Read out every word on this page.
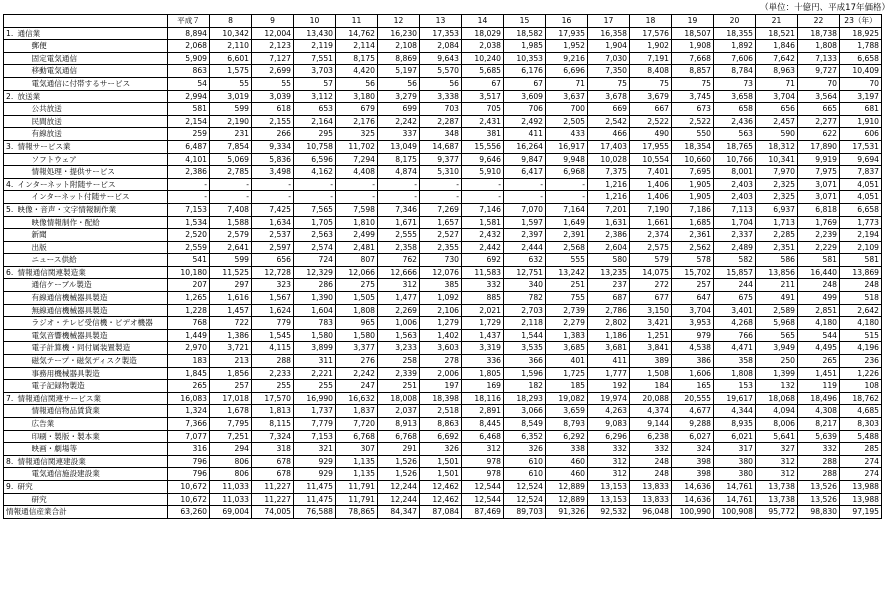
（単位：十億円、平成17年価格）
		平成７	8	9	10	11	12	13	14	15	16	17	18	19	20	21	22	23（年）
1.	通信業	8,894	10,342	12,004	13,430	14,762	16,230	17,353	18,029	18,582	17,935	16,358	17,576	18,507	18,355	18,521	18,738	18,925
	郵便	2,068	2,110	2,123	2,119	2,114	2,108	2,084	2,038	1,985	1,952	1,904	1,902	1,908	1,892	1,846	1,808	1,788
	固定電気通信	5,909	6,601	7,127	7,551	8,175	8,869	9,643	10,240	10,353	9,216	7,030	7,191	7,668	7,606	7,642	7,133	6,658
	移動電気通信	863	1,575	2,699	3,703	4,420	5,197	5,570	5,685	6,176	6,696	7,350	8,408	8,857	8,784	8,963	9,727	10,409
	電気通信に付帯するサービス	54	55	55	57	56	56	56	67	67	71	75	75	75	73	71	70	70
2.	放送業	2,994	3,019	3,039	3,112	3,180	3,279	3,338	3,517	3,609	3,637	3,678	3,679	3,745	3,658	3,704	3,564	3,197
	公共放送	581	599	618	653	679	699	703	705	706	700	669	667	673	658	656	665	681
	民間放送	2,154	2,190	2,155	2,164	2,176	2,242	2,287	2,431	2,492	2,505	2,542	2,522	2,522	2,436	2,457	2,277	1,910
	有線放送	259	231	266	295	325	337	348	381	411	433	466	490	550	563	590	622	606
3.	情報サービス業	6,487	7,854	9,334	10,758	11,702	13,049	14,687	15,556	16,264	16,917	17,403	17,955	18,354	18,765	18,312	17,890	17,531
	ソフトウェア	4,101	5,069	5,836	6,596	7,294	8,175	9,377	9,646	9,847	9,948	10,028	10,554	10,660	10,766	10,341	9,919	9,694
	情報処理・提供サービス	2,386	2,785	3,498	4,162	4,408	4,874	5,310	5,910	6,417	6,968	7,375	7,401	7,695	8,001	7,970	7,975	7,837
4.	インターネット附随サービス	-	-	-	-	-	-	-	-	-	-	1,216	1,406	1,905	2,403	2,325	3,071	4,051
	インターネット付随サービス	-	-	-	-	-	-	-	-	-	-	1,216	1,406	1,905	2,403	2,325	3,071	4,051
5.	映像・音声・文字情報制作業	7,153	7,408	7,425	7,565	7,598	7,346	7,269	7,146	7,070	7,164	7,201	7,190	7,186	7,113	6,937	6,818	6,658
	映像情報制作・配給	1,534	1,588	1,634	1,705	1,810	1,671	1,657	1,581	1,597	1,649	1,631	1,661	1,685	1,704	1,713	1,769	1,773
	新聞	2,520	2,579	2,537	2,563	2,499	2,555	2,527	2,432	2,397	2,391	2,386	2,374	2,361	2,337	2,285	2,239	2,194
	出版	2,559	2,641	2,597	2,574	2,481	2,358	2,355	2,442	2,444	2,568	2,604	2,575	2,562	2,489	2,351	2,229	2,109
	ニュース供給	541	599	656	724	807	762	730	692	632	555	580	579	578	582	586	581	581
6.	情報通信関連製造業	10,180	11,525	12,728	12,329	12,066	12,666	12,076	11,583	12,751	13,242	13,235	14,075	15,702	15,857	13,856	16,440	13,869
	通信ケーブル製造	207	297	323	286	275	312	385	332	340	251	237	272	257	244	211	248	248
	有線通信機械器具製造	1,265	1,616	1,567	1,390	1,505	1,477	1,092	885	782	755	687	677	647	675	491	499	518
	無線通信機械器具製造	1,228	1,457	1,624	1,604	1,808	2,269	2,106	2,021	2,703	2,739	2,786	3,150	3,704	3,401	2,589	2,851	2,642
	ラジオ・テレビ受信機・ビデオ機器	768	722	779	783	965	1,006	1,279	1,729	2,118	2,279	2,802	3,421	3,953	4,268	5,968	4,180	4,180
	電気音響機械器具製造	1,449	1,386	1,545	1,580	1,580	1,563	1,402	1,437	1,544	1,383	1,186	1,251	979	766	565	544	515
	電子計算機・同付属装置製造	2,970	3,721	4,115	3,899	3,377	3,233	3,603	3,319	3,535	3,685	3,681	3,841	4,538	4,471	3,949	4,495	4,196
	磁気テープ・磁気ディスク製造	183	213	288	311	276	258	278	336	366	401	411	389	386	358	250	265	236
	事務用機械器具製造	1,845	1,856	2,233	2,221	2,242	2,339	2,006	1,805	1,596	1,725	1,777	1,508	1,606	1,808	1,399	1,451	1,226
	電子記録物製造	265	257	255	255	247	251	197	169	182	185	192	184	165	153	132	119	108
7.	情報通信関連サービス業	16,083	17,018	17,570	16,990	16,632	18,008	18,398	18,116	18,293	19,082	19,974	20,088	20,555	19,617	18,068	18,496	18,762
	情報通信物品賃貸業	1,324	1,678	1,813	1,737	1,837	2,037	2,518	2,891	3,066	3,659	4,263	4,374	4,677	4,344	4,094	4,308	4,685
	広告業	7,366	7,795	8,115	7,779	7,720	8,913	8,863	8,445	8,549	8,793	9,083	9,144	9,288	8,935	8,006	8,217	8,303
	印刷・製版・製本業	7,077	7,251	7,324	7,153	6,768	6,768	6,692	6,468	6,352	6,292	6,296	6,238	6,027	6,021	5,641	5,639	5,488
	映画・劇場等	316	294	318	321	307	291	326	312	326	338	332	332	324	317	327	332	285
8.	情報通信関連建設業	796	806	678	929	1,135	1,526	1,501	978	610	460	312	248	398	380	312	288	274
	電気通信施設建設業	796	806	678	929	1,135	1,526	1,501	978	610	460	312	248	398	380	312	288	274
9.	研究	10,672	11,033	11,227	11,475	11,791	12,244	12,462	12,544	12,524	12,889	13,153	13,833	14,636	14,761	13,738	13,526	13,988
	研究	10,672	11,033	11,227	11,475	11,791	12,244	12,462	12,544	12,524	12,889	13,153	13,833	14,636	14,761	13,738	13,526	13,988
情報通信産業合計		63,260	69,004	74,005	76,588	78,865	84,347	87,084	87,469	89,703	91,326	92,532	96,048	100,990	100,908	95,772	98,830	97,195
